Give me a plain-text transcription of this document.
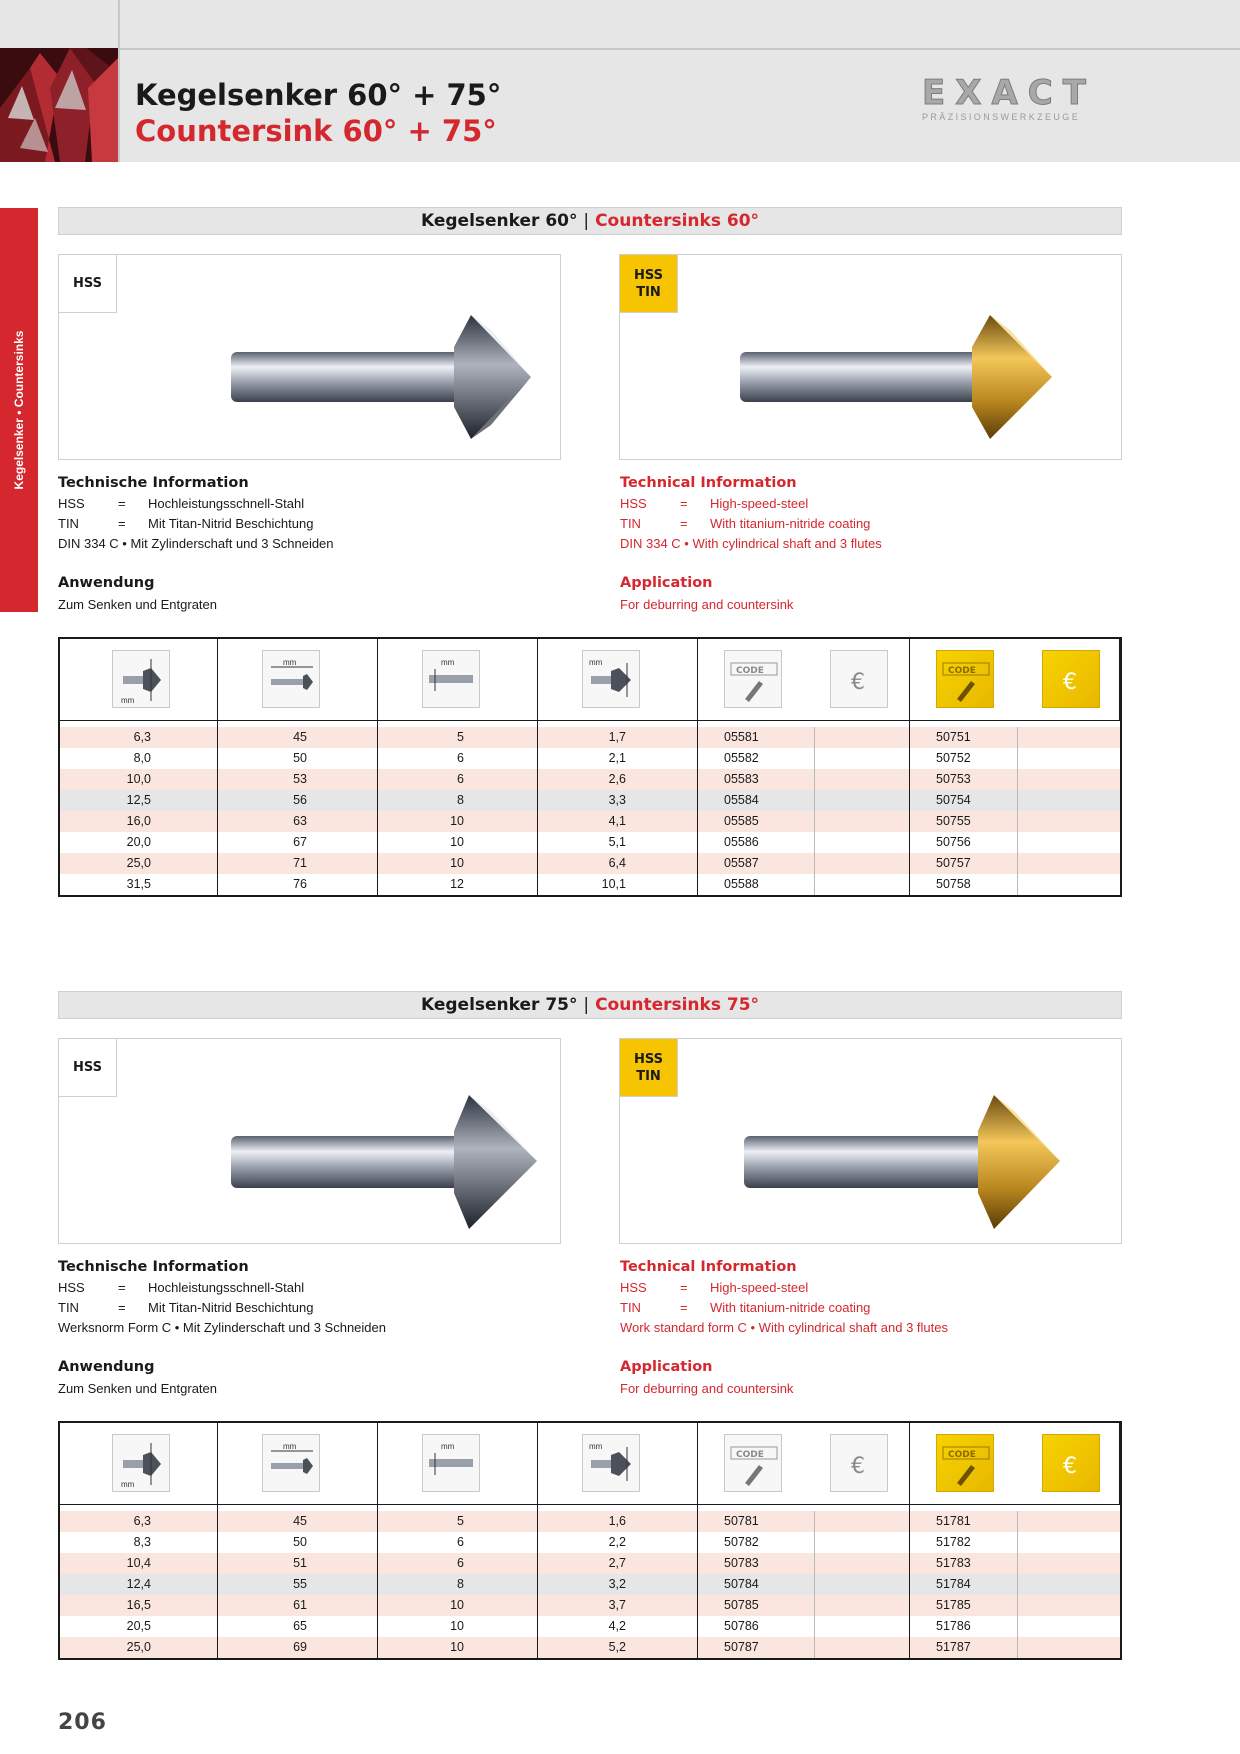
Kegelsenker 60° + 75°
Countersink 60° + 75°
EXACT
PRÄZISIONSWERKZEUGE
Kegelsenker • Countersinks
Kegelsenker 60° | Countersinks 60°
HSS
HSS
TIN
Technische Information
HSS	= Hochleistungsschnell-Stahl
TIN	= Mit Titan-Nitrid Beschichtung
DIN 334 C • Mit Zylinderschaft und 3 Schneiden
Anwendung
Zum Senken und Entgraten
Technical Information
HSS	= High-speed-steel
TIN	= With titanium-nitride coating
DIN 334 C • With cylindrical shaft and 3 flutes
Application
For deburring and countersink
mm
mm	mm	mm
CODE	€	CODE	€
6,3	45	5	1,7	05581	50751
8,0	50	6	2,1	05582	50752
10,0	53	6	2,6	05583	50753
12,5	56	8	3,3	05584	50754
16,0	63	10	4,1	05585	50755
20,0	67	10	5,1	05586	50756
25,0	71	10	6,4	05587	50757
31,5	76	12	10,1	05588	50758
Kegelsenker 75° | Countersinks 75°
HSS
HSS
TIN
Technische Information
HSS	= Hochleistungsschnell-Stahl
TIN	= Mit Titan-Nitrid Beschichtung
Werksnorm Form C • Mit Zylinderschaft und 3 Schneiden
Anwendung
Zum Senken und Entgraten
Technical Information
HSS	= High-speed-steel
TIN	= With titanium-nitride coating
Work standard form C • With cylindrical shaft and 3 flutes
Application
For deburring and countersink
mm
mm	mm	mm
CODE	€	CODE	€
6,3	45	5	1,6	50781	51781
8,3	50	6	2,2	50782	51782
10,4	51	6	2,7	50783	51783
12,4	55	8	3,2	50784	51784
16,5	61	10	3,7	50785	51785
20,5	65	10	4,2	50786	51786
25,0	69	10	5,2	50787	51787
206
